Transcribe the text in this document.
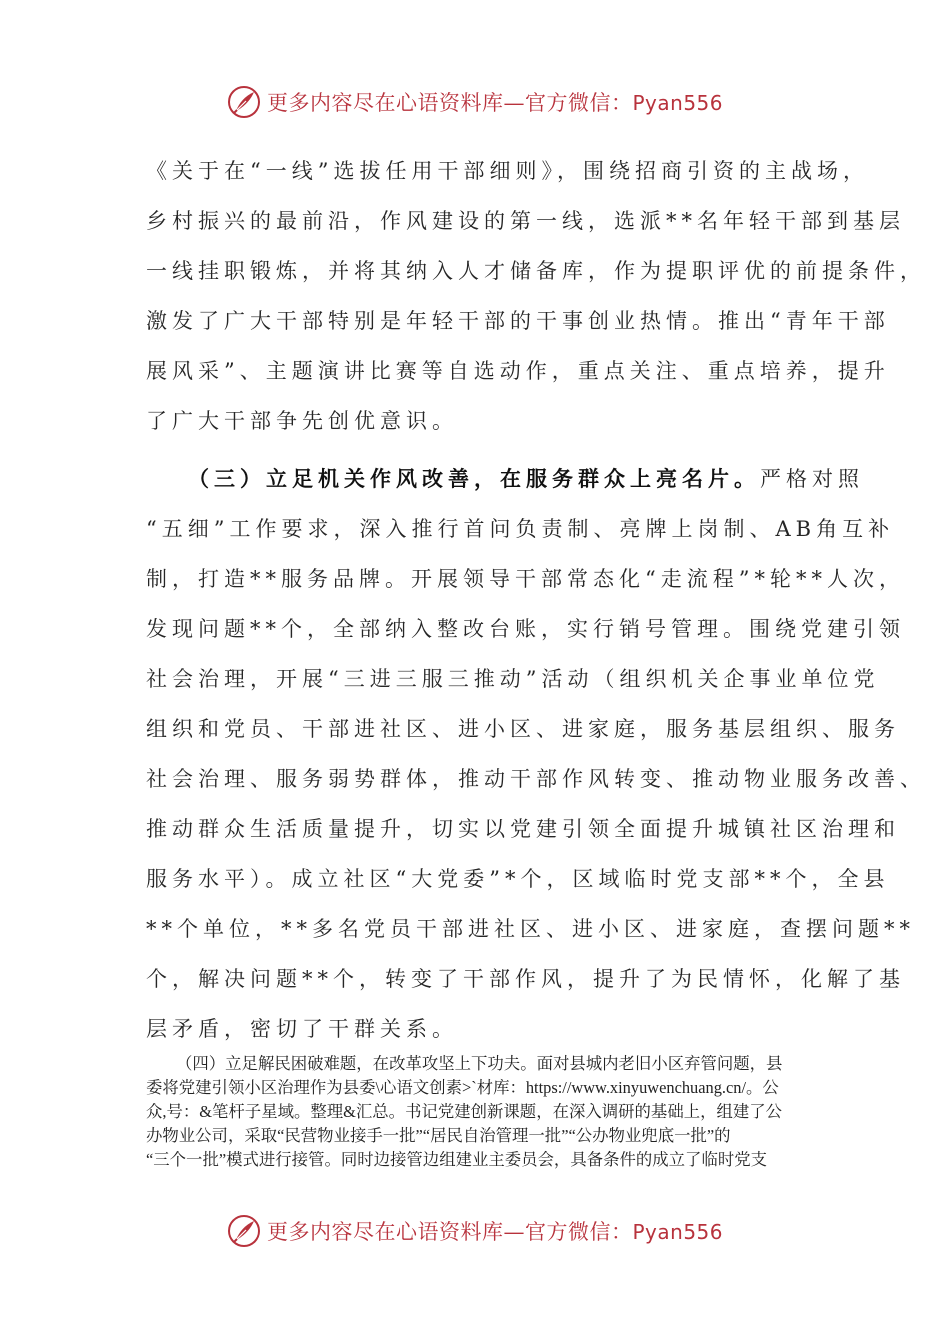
更多内容尽在心语资料库—官方微信：Pyan556
《关于在“一线”选拔任用干部细则》，围绕招商引资的主战场，
乡村振兴的最前沿，作风建设的第一线，选派**名年轻干部到基层
一线挂职锻炼，并将其纳入人才储备库，作为提职评优的前提条件，
激发了广大干部特别是年轻干部的干事创业热情。推出“青年干部
展风采”、主题演讲比赛等自选动作，重点关注、重点培养，提升
了广大干部争先创优意识。
（三）立足机关作风改善，在服务群众上亮名片。严格对照
“五细”工作要求，深入推行首问负责制、亮牌上岗制、AB角互补
制，打造**服务品牌。开展领导干部常态化“走流程”*轮**人次，
发现问题**个，全部纳入整改台账，实行销号管理。围绕党建引领
社会治理，开展“三进三服三推动”活动（组织机关企事业单位党
组织和党员、干部进社区、进小区、进家庭，服务基层组织、服务
社会治理、服务弱势群体，推动干部作风转变、推动物业服务改善、
推动群众生活质量提升，切实以党建引领全面提升城镇社区治理和
服务水平）。成立社区“大党委”*个，区域临时党支部**个，全县
**个单位，**多名党员干部进社区、进小区、进家庭，查摆问题**
个，解决问题**个，转变了干部作风，提升了为民情怀，化解了基
层矛盾，密切了干群关系。
（四）立足解民困破难题，在改革攻坚上下功夫。面对县城内老旧小区弃管问题，县
委将党建引领小区治理作为县委\心语文创素>`材库：https://www.xinyuwenchuang.cn/。公
众,号：&笔杆子星域。整理&汇总。书记党建创新课题，在深入调研的基础上，组建了公
办物业公司，采取“民营物业接手一批”“居民自治管理一批”“公办物业兜底一批”的
“三个一批”模式进行接管。同时边接管边组建业主委员会，具备条件的成立了临时党支
更多内容尽在心语资料库—官方微信：Pyan556
